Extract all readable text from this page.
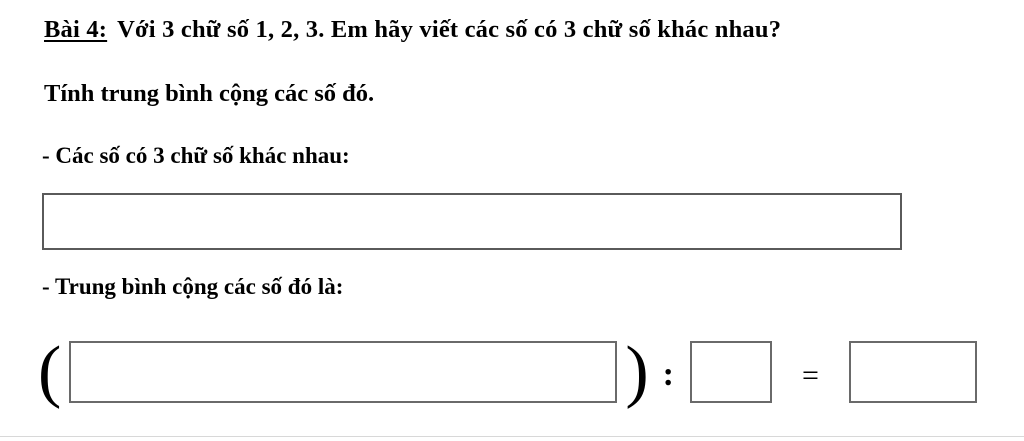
Bài 4: Với 3 chữ số 1, 2, 3. Em hãy viết các số có 3 chữ số khác nhau?
Tính trung bình cộng các số đó.
- Các số có 3 chữ số khác nhau:
- Trung bình cộng các số đó là:
(	) :	=
